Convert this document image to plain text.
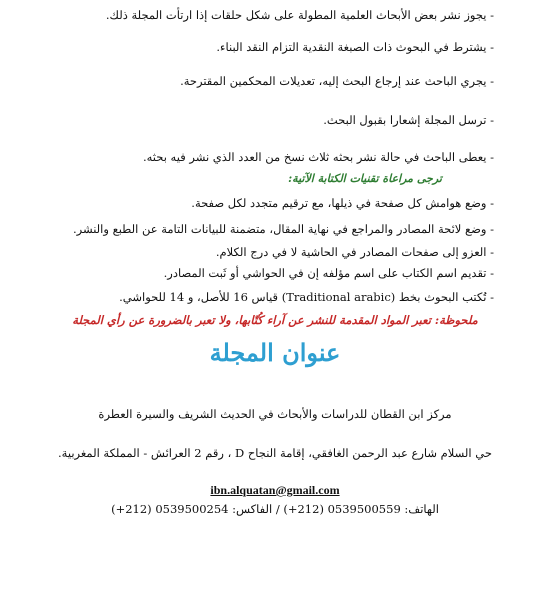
- يجوز نشر بعض الأبحاث العلمية المطولة على شكل حلقات إذا ارتأت المجلة ذلك.
- يشترط في البحوث ذات الصبغة النقدية التزام النقد البناء.
- يجري الباحث عند إرجاع البحث إليه، تعديلات المحكمين المقترحة.
- ترسل المجلة إشعارا بقبول البحث.
- يعطى الباحث في حالة نشر بحثه ثلاث نسخ من العدد الذي نشر فيه بحثه.
ترجى مراعاة تقنيات الكتابة الآتية:
- وضع هوامش كل صفحة في ذيلها، مع ترقيم متجدد لكل صفحة.
- وضع لائحة المصادر والمراجع في نهاية المقال، متضمنة للبيانات التامة عن الطبع والنشر.
- العزو إلى صفحات المصادر في الحاشية لا في درج الكلام.
- تقديم اسم الكتاب على اسم مؤلفه إن في الحواشي أو ثَبت المصادر.
ملحوظة: تعبر المواد المقدمة للنشر عن آراء كُتّابها، ولا تعبر بالضرورة عن رأي المجلة
- تُكتب البحوث بخط (Traditional arabic) قياس 16 للأصل، و 14 للحواشي.
عنوان المجلة
مركز ابن القطان للدراسات والأبحاث في الحديث الشريف والسيرة العطرة
حي السلام شارع عبد الرحمن الغافقي، إقامة النجاح D ، رقم 2 العرائش - المملكة المغربية.
ibn.alquatan@gmail.com
الهاتف: 0539500559 (212+) / الفاكس: 0539500254 (212+)
